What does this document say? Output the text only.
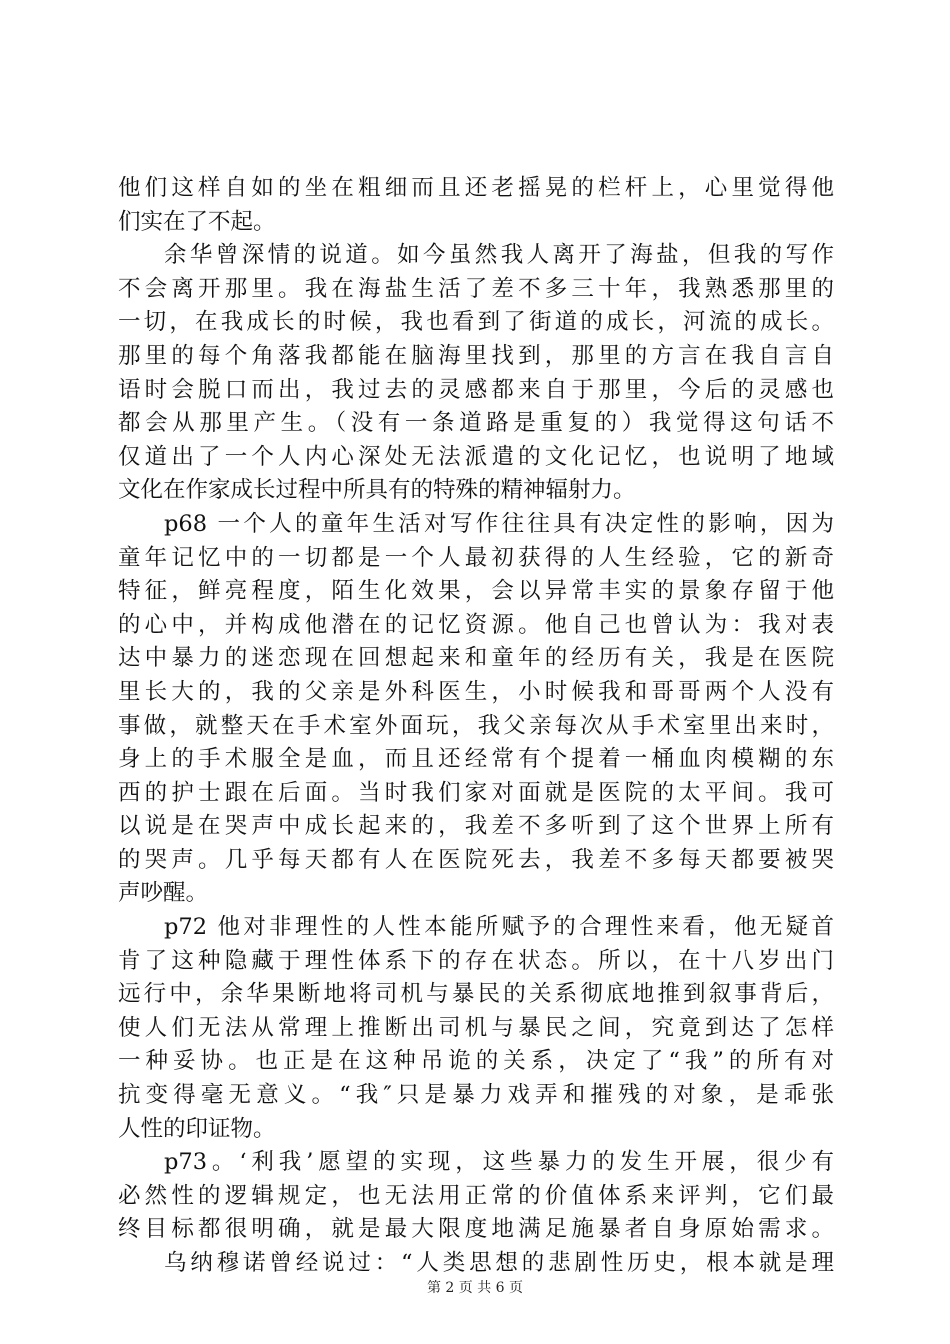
他们这样自如的坐在粗细而且还老摇晃的栏杆上，心里觉得他
们实在了不起。
余华曾深情的说道。如今虽然我人离开了海盐，但我的写作
不会离开那里。我在海盐生活了差不多三十年，我熟悉那里的
一切，在我成长的时候，我也看到了街道的成长，河流的成长。
那里的每个角落我都能在脑海里找到，那里的方言在我自言自
语时会脱口而出，我过去的灵感都来自于那里，今后的灵感也
都会从那里产生。（没有一条道路是重复的）我觉得这句话不
仅道出了一个人内心深处无法派遣的文化记忆，也说明了地域
文化在作家成长过程中所具有的特殊的精神辐射力。
p68 一个人的童年生活对写作往往具有决定性的影响，因为
童年记忆中的一切都是一个人最初获得的人生经验，它的新奇
特征，鲜亮程度，陌生化效果，会以异常丰实的景象存留于他
的心中，并构成他潜在的记忆资源。他自己也曾认为：我对表
达中暴力的迷恋现在回想起来和童年的经历有关，我是在医院
里长大的，我的父亲是外科医生，小时候我和哥哥两个人没有
事做，就整天在手术室外面玩，我父亲每次从手术室里出来时，
身上的手术服全是血，而且还经常有个提着一桶血肉模糊的东
西的护士跟在后面。当时我们家对面就是医院的太平间。我可
以说是在哭声中成长起来的，我差不多听到了这个世界上所有
的哭声。几乎每天都有人在医院死去，我差不多每天都要被哭
声吵醒。
p72 他对非理性的人性本能所赋予的合理性来看，他无疑首
肯了这种隐藏于理性体系下的存在状态。所以，在十八岁出门
远行中，余华果断地将司机与暴民的关系彻底地推到叙事背后，
使人们无法从常理上推断出司机与暴民之间，究竟到达了怎样
一种妥协。也正是在这种吊诡的关系，决定了“我”的所有对
抗变得毫无意义。“我″只是暴力戏弄和摧残的对象，是乖张
人性的印证物。
p73。‘利我’愿望的实现，这些暴力的发生开展，很少有
必然性的逻辑规定，也无法用正常的价值体系来评判，它们最
终目标都很明确，就是最大限度地满足施暴者自身原始需求。
乌纳穆诺曾经说过：“人类思想的悲剧性历史，根本就是理
第 2 页 共 6 页
